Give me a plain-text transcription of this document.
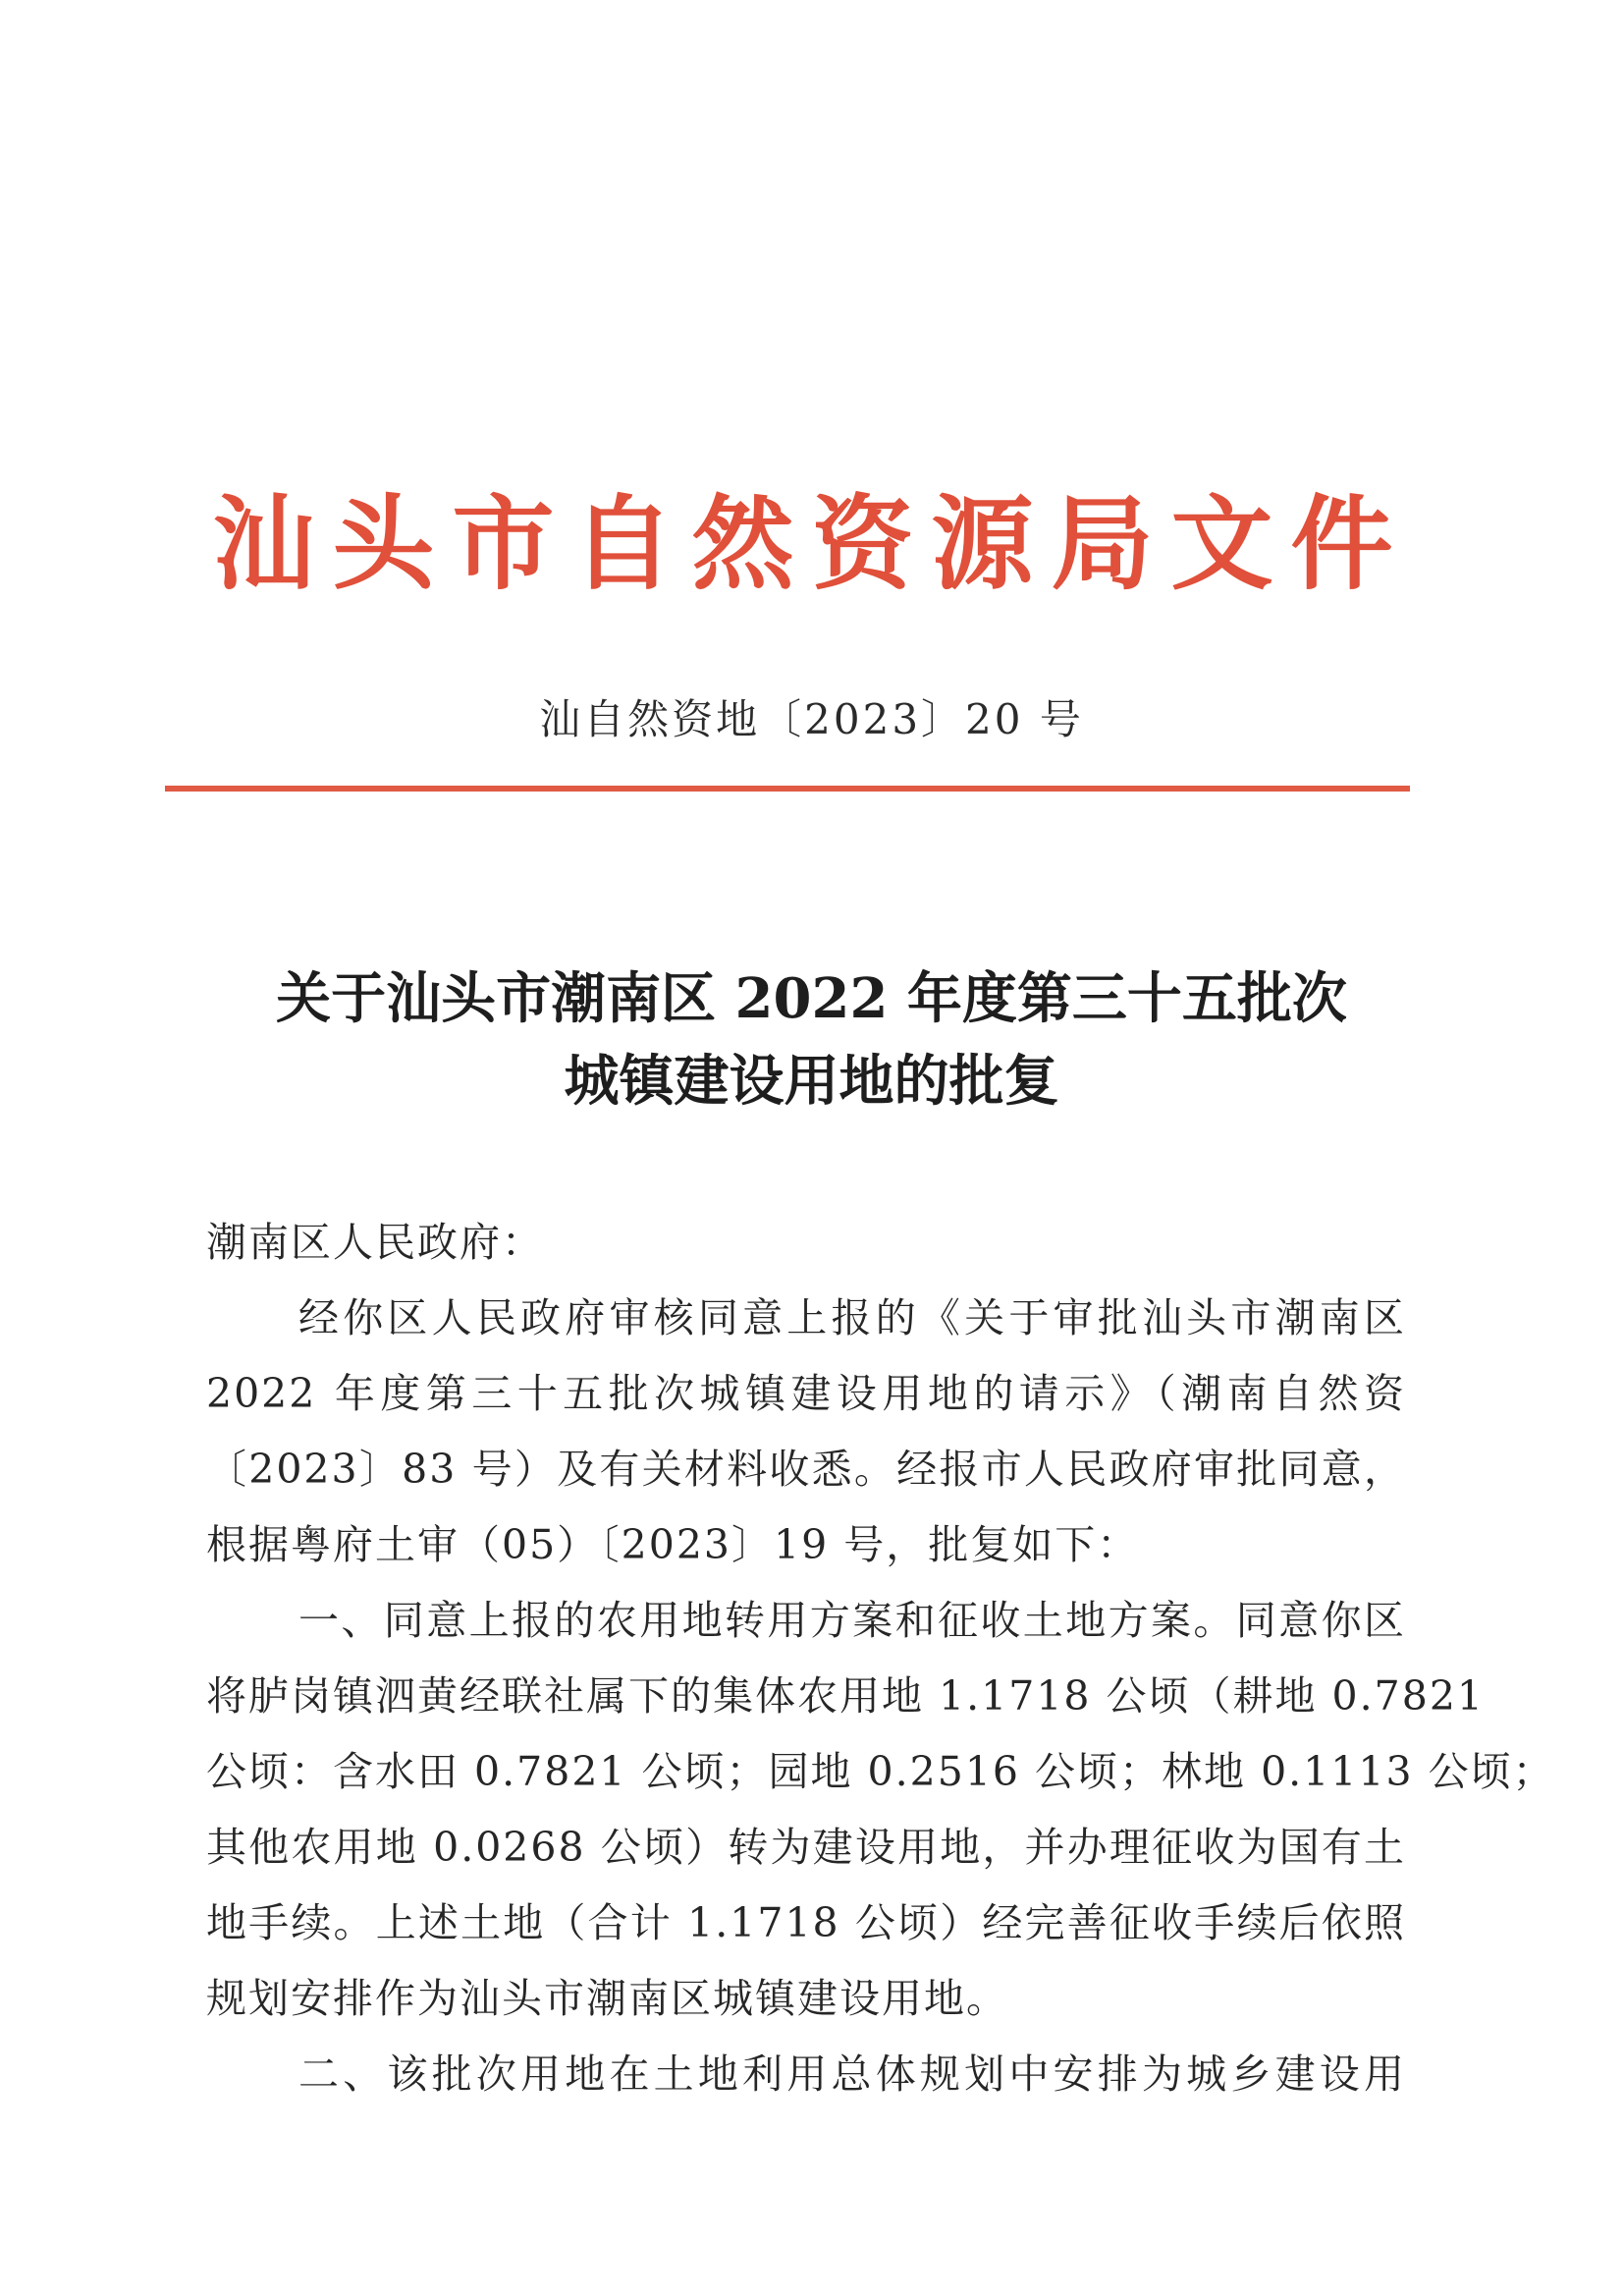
汕头市自然资源局文件
汕自然资地〔2023〕20 号
关于汕头市潮南区 2022 年度第三十五批次
城镇建设用地的批复
潮南区人民政府：
经你区人民政府审核同意上报的《关于审批汕头市潮南区
2022 年度第三十五批次城镇建设用地的请示》（潮南自然资
〔2023〕83 号）及有关材料收悉。经报市人民政府审批同意，
根据粤府土审（05）〔2023〕19 号，批复如下：
一、同意上报的农用地转用方案和征收土地方案。同意你区
将胪岗镇泗黄经联社属下的集体农用地 1.1718 公顷（耕地 0.7821
公顷：含水田 0.7821 公顷；园地 0.2516 公顷；林地 0.1113 公顷；
其他农用地 0.0268 公顷）转为建设用地，并办理征收为国有土
地手续。上述土地（合计 1.1718 公顷）经完善征收手续后依照
规划安排作为汕头市潮南区城镇建设用地。
二、该批次用地在土地利用总体规划中安排为城乡建设用
